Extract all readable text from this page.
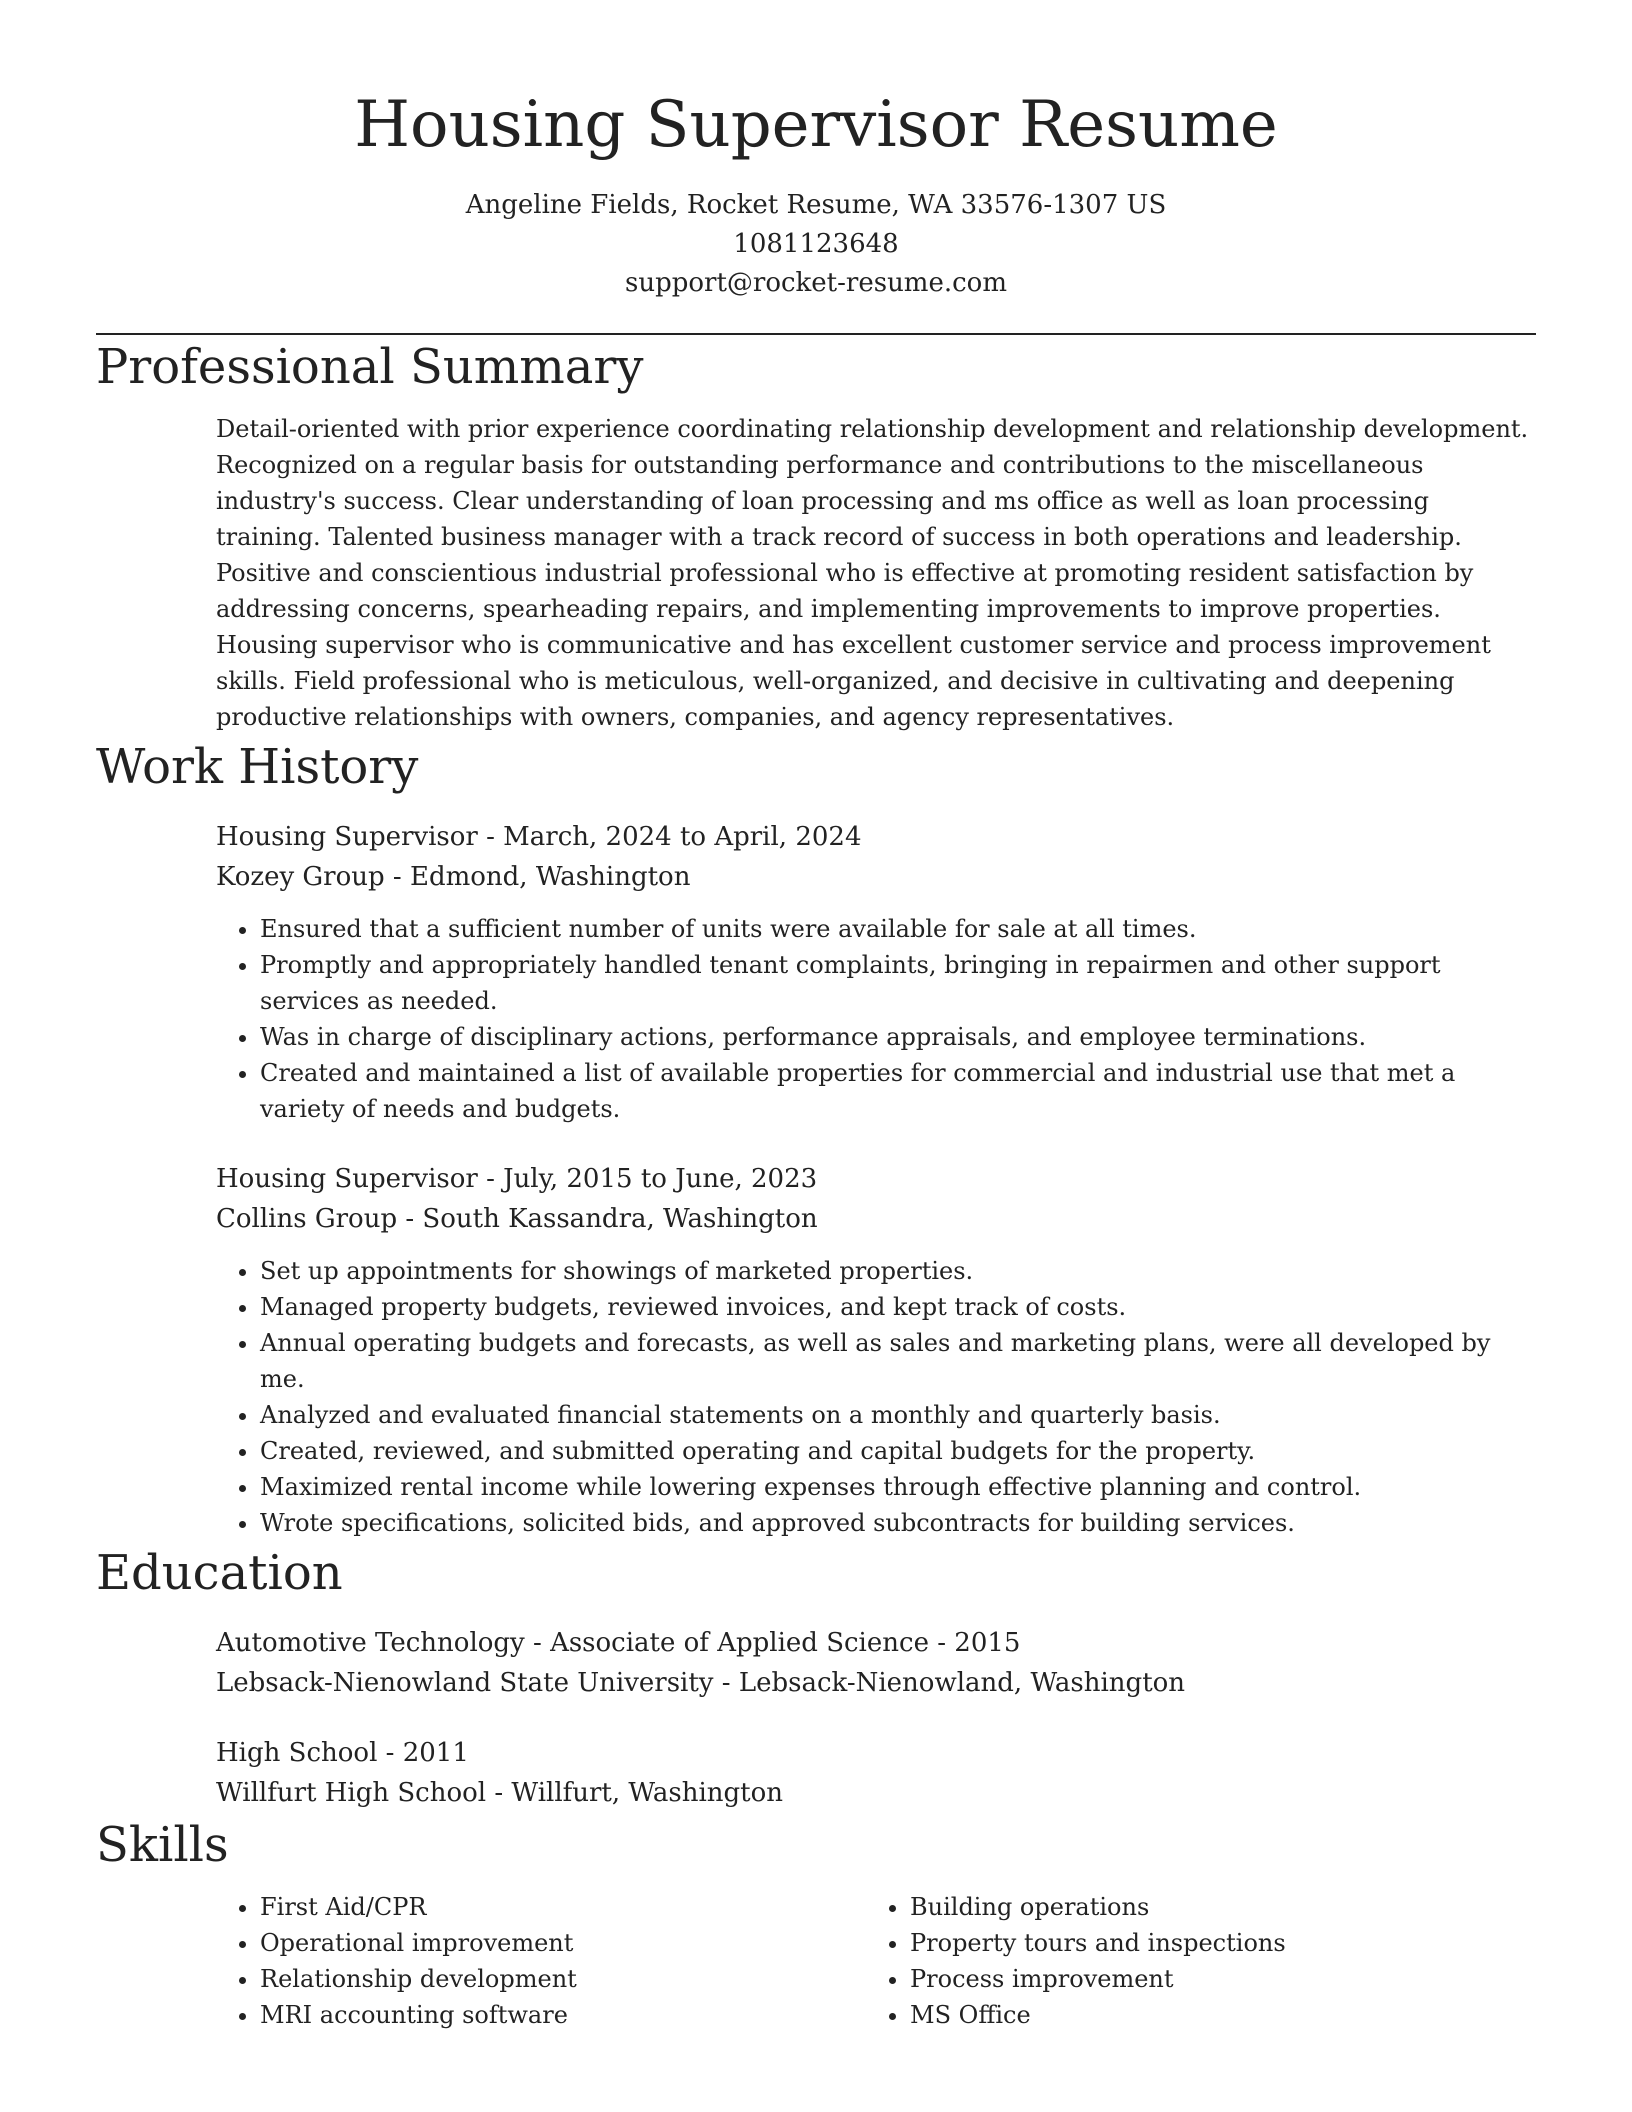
Housing Supervisor Resume
Angeline Fields, Rocket Resume, WA 33576-1307 US
1081123648
support@rocket-resume.com
Professional Summary
Detail-oriented with prior experience coordinating relationship development and relationship development. Recognized on a regular basis for outstanding performance and contributions to the miscellaneous industry's success. Clear understanding of loan processing and ms office as well as loan processing training. Talented business manager with a track record of success in both operations and leadership. Positive and conscientious industrial professional who is effective at promoting resident satisfaction by addressing concerns, spearheading repairs, and implementing improvements to improve properties. Housing supervisor who is communicative and has excellent customer service and process improvement skills. Field professional who is meticulous, well-organized, and decisive in cultivating and deepening productive relationships with owners, companies, and agency representatives.
Work History
Housing Supervisor - March, 2024 to April, 2024
Kozey Group - Edmond, Washington
• Ensured that a sufficient number of units were available for sale at all times.
• Promptly and appropriately handled tenant complaints, bringing in repairmen and other support services as needed.
• Was in charge of disciplinary actions, performance appraisals, and employee terminations.
• Created and maintained a list of available properties for commercial and industrial use that met a variety of needs and budgets.
Housing Supervisor - July, 2015 to June, 2023
Collins Group - South Kassandra, Washington
• Set up appointments for showings of marketed properties.
• Managed property budgets, reviewed invoices, and kept track of costs.
• Annual operating budgets and forecasts, as well as sales and marketing plans, were all developed by me.
• Analyzed and evaluated financial statements on a monthly and quarterly basis.
• Created, reviewed, and submitted operating and capital budgets for the property.
• Maximized rental income while lowering expenses through effective planning and control.
• Wrote specifications, solicited bids, and approved subcontracts for building services.
Education
Automotive Technology - Associate of Applied Science - 2015
Lebsack-Nienowland State University - Lebsack-Nienowland, Washington
High School - 2011
Willfurt High School - Willfurt, Washington
Skills
• First Aid/CPR
• Operational improvement
• Relationship development
• MRI accounting software
• Building operations
• Property tours and inspections
• Process improvement
• MS Office
